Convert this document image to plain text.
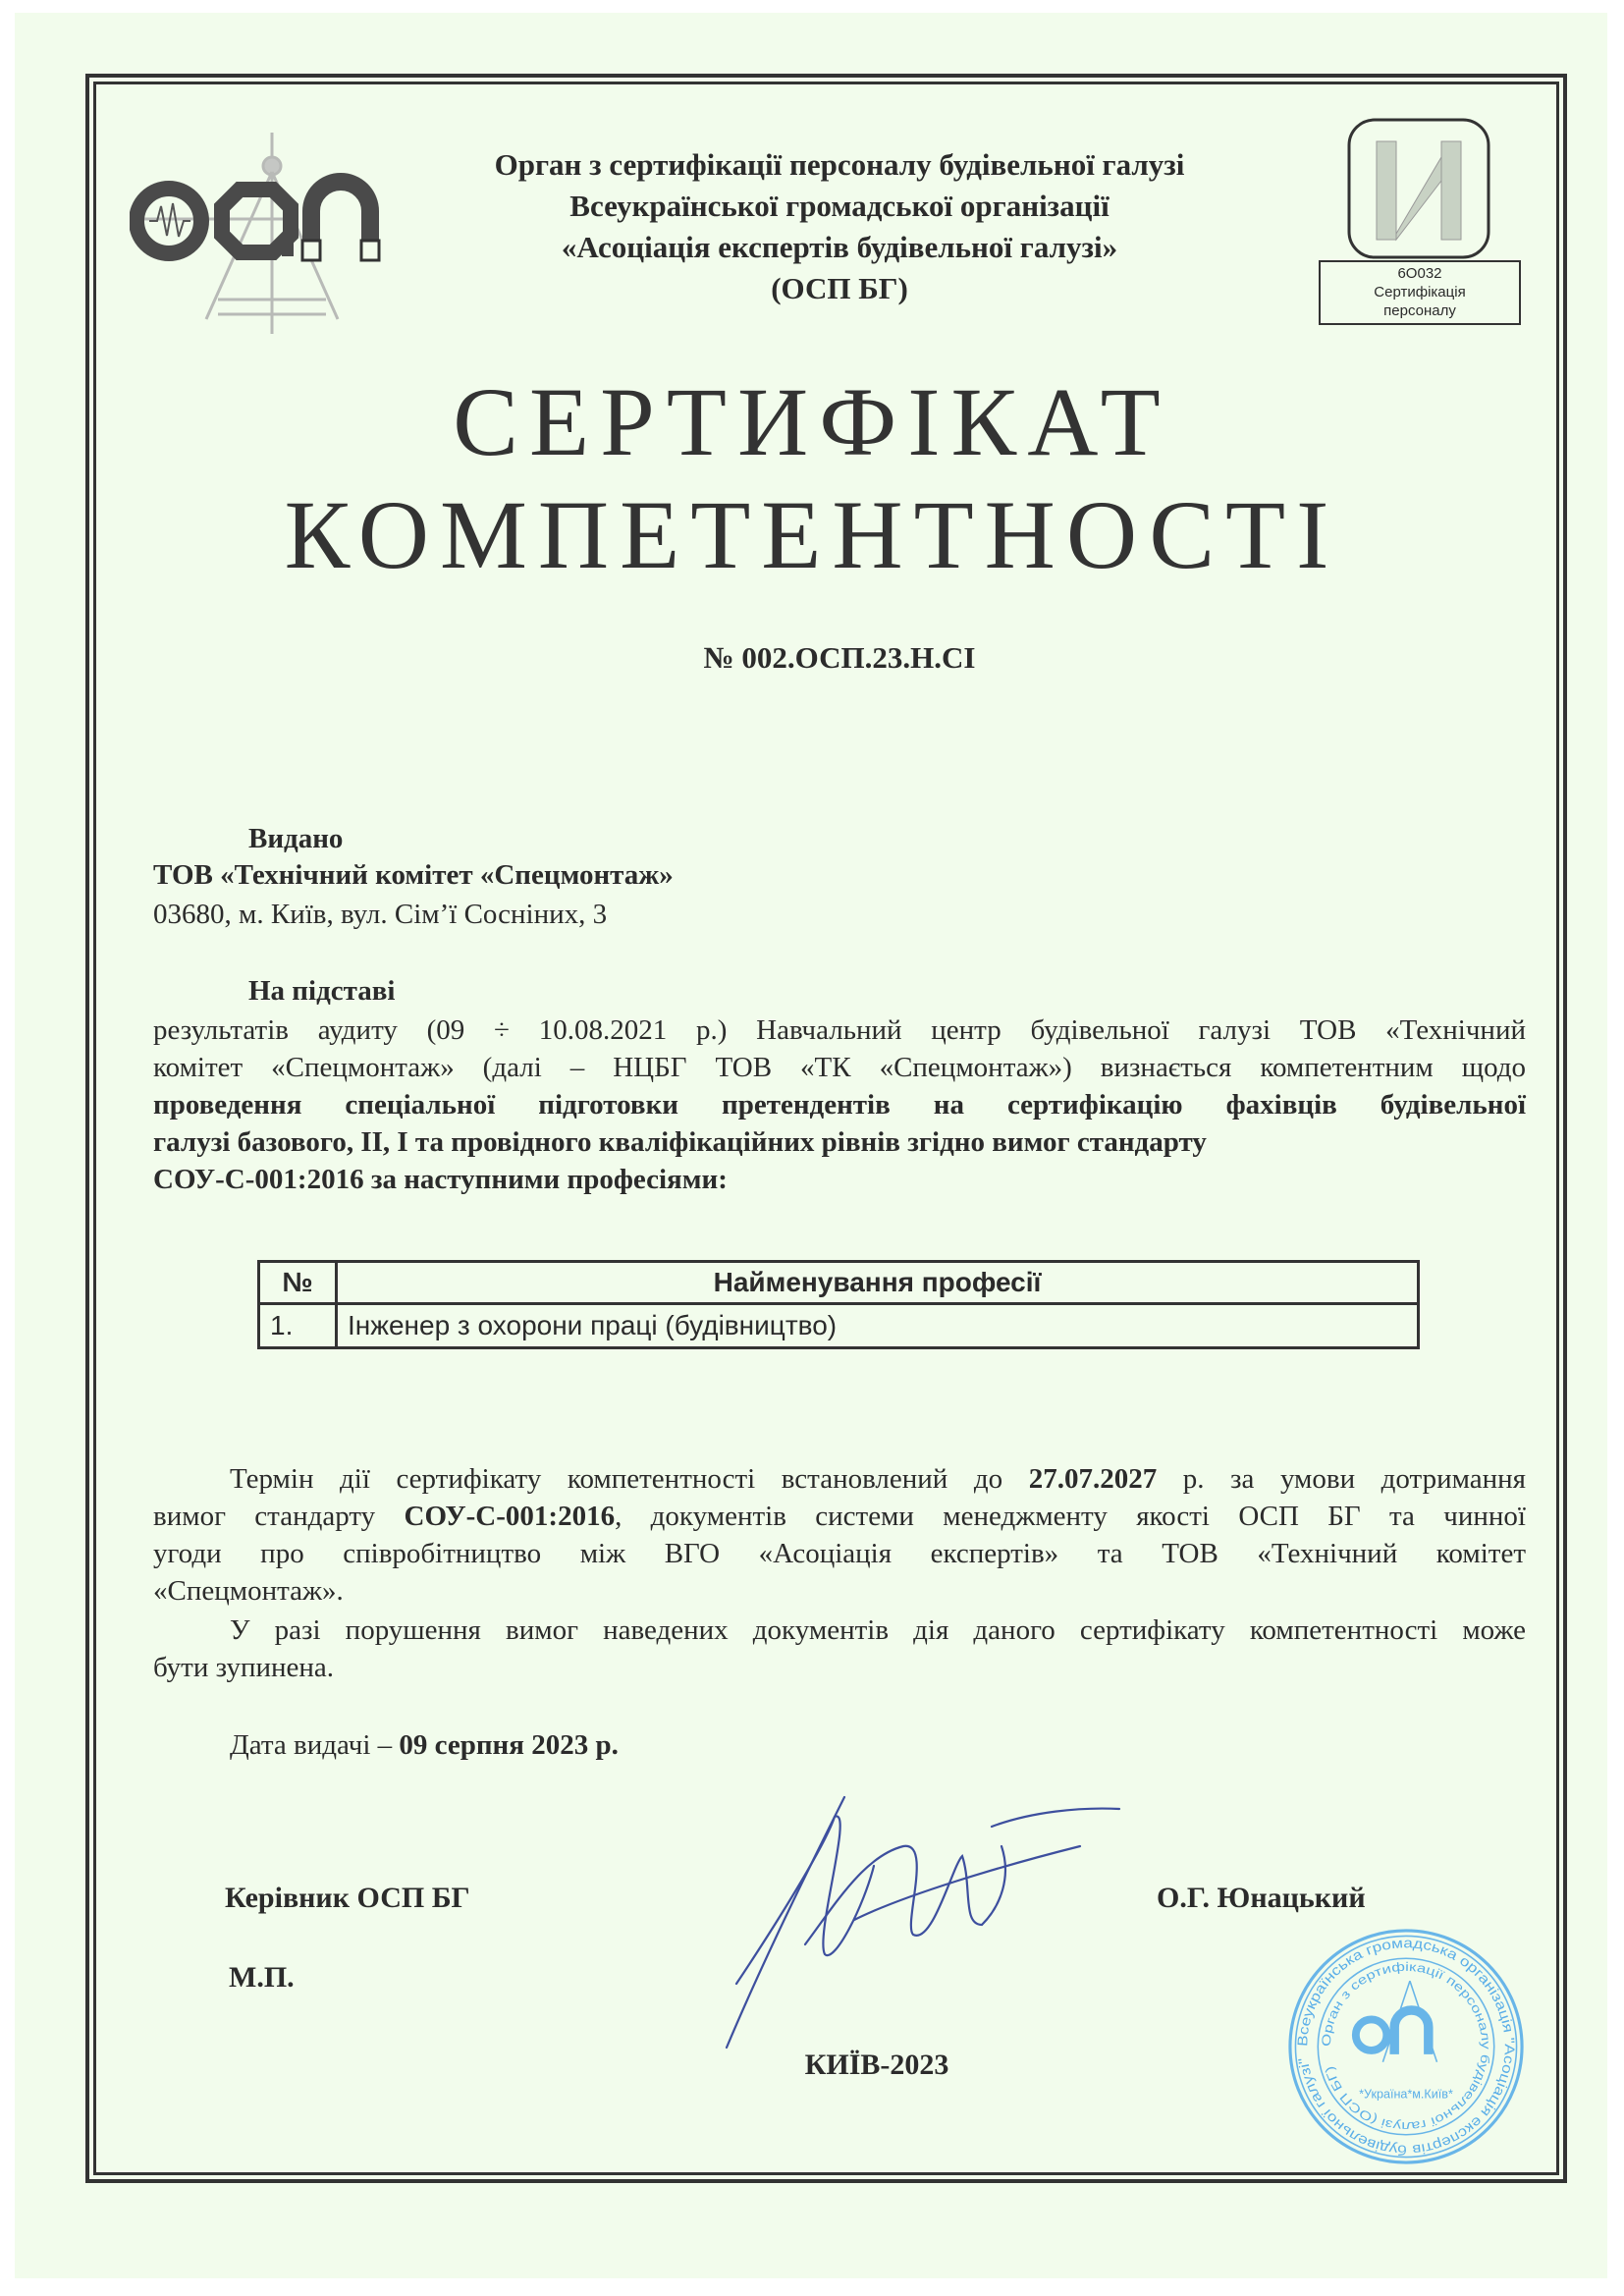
Орган з сертифікації персоналу будівельної галузі
Всеукраїнської громадської організації
«Асоціація експертів будівельної галузі»
(ОСП БГ)	6О032
Сертифікація
персоналу
СЕРТИФІКАТ
КОМПЕТЕНТНОСТІ
№ 002.ОСП.23.Н.СІ
Видано
ТОВ «Технічний комітет «Спецмонтаж»
03680, м. Київ, вул. Сім’ї Сосніних, 3
На підставі
результатів аудиту (09 ÷ 10.08.2021 р.) Навчальний центр будівельної галузі ТОВ «Технічний
комітет «Спецмонтаж» (далі – НЦБГ ТОВ «ТК «Спецмонтаж») визнається компетентним щодо
проведення спеціальної підготовки претендентів на сертифікацію фахівців будівельної
галузі базового, ІІ, І та провідного кваліфікаційних рівнів згідно вимог стандарту
СОУ-С-001:2016 за наступними професіями:
№	Найменування професії
1.	Інженер з охорони праці (будівництво)
Термін дії сертифікату компетентності встановлений до 27.07.2027 р. за умови дотримання
вимог стандарту СОУ-С-001:2016, документів системи менеджменту якості ОСП БГ та чинної
угоди про співробітництво між ВГО «Асоціація експертів» та ТОВ «Технічний комітет
«Спецмонтаж».
У разі порушення вимог наведених документів дія даного сертифікату компетентності може
бути зупинена.
Дата видачі – 09 серпня 2023 р.
Всеукраїнська громадська організація "Асоціація експертів будівельної галузі"
Орган з сертифікації персоналу будівельної галузі (ОСП БГ)
*Україна*м.Київ*
Керівник ОСП БГ
М.П.
О.Г. Юнацький
КИЇВ-2023
